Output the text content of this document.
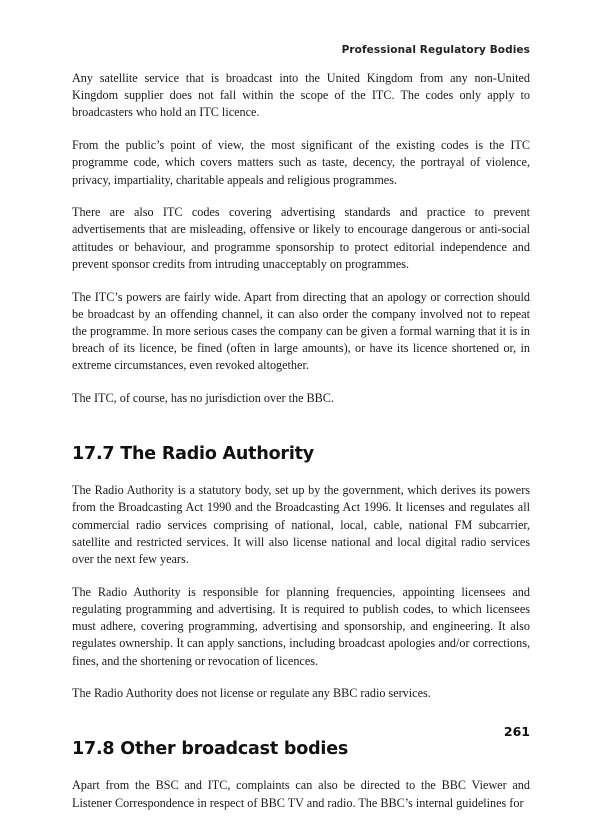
Professional Regulatory Bodies

Any satellite service that is broadcast into the United Kingdom from any non-United Kingdom supplier does not fall within the scope of the ITC. The codes only apply to broadcasters who hold an ITC licence.

From the public’s point of view, the most significant of the existing codes is the ITC programme code, which covers matters such as taste, decency, the portrayal of violence, privacy, impartiality, charitable appeals and religious programmes.

There are also ITC codes covering advertising standards and practice to prevent advertisements that are misleading, offensive or likely to encourage dangerous or anti-social attitudes or behaviour, and programme sponsorship to protect editorial independence and prevent sponsor credits from intruding unacceptably on programmes.

The ITC’s powers are fairly wide. Apart from directing that an apology or correction should be broadcast by an offending channel, it can also order the company involved not to repeat the programme. In more serious cases the company can be given a formal warning that it is in breach of its licence, be fined (often in large amounts), or have its licence shortened or, in extreme circumstances, even revoked altogether.

The ITC, of course, has no jurisdiction over the BBC.

17.7 The Radio Authority

The Radio Authority is a statutory body, set up by the government, which derives its powers from the Broadcasting Act 1990 and the Broadcasting Act 1996. It licenses and regulates all commercial radio services comprising of national, local, cable, national FM subcarrier, satellite and restricted services. It will also license national and local digital radio services over the next few years.

The Radio Authority is responsible for planning frequencies, appointing licensees and regulating programming and advertising. It is required to publish codes, to which licensees must adhere, covering programming, advertising and sponsorship, and engineering. It also regulates ownership. It can apply sanctions, including broadcast apologies and/or corrections, fines, and the shortening or revocation of licences.

The Radio Authority does not license or regulate any BBC radio services.

17.8 Other broadcast bodies

Apart from the BSC and ITC, complaints can also be directed to the BBC Viewer and Listener Correspondence in respect of BBC TV and radio. The BBC’s internal guidelines for

261
